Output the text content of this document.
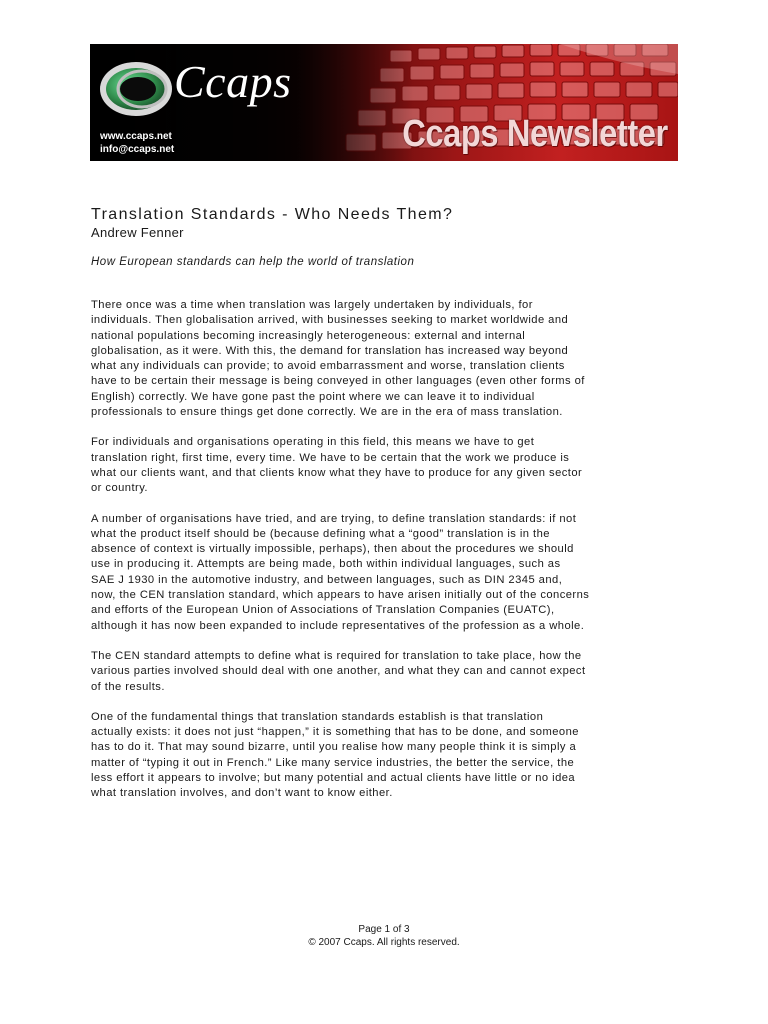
Ccaps
www.ccaps.net
info@ccaps.net	Ccaps Newsletter
Translation Standards - Who Needs Them?
Andrew Fenner
How European standards can help the world of translation

There once was a time when translation was largely undertaken by individuals, for
individuals. Then globalisation arrived, with businesses seeking to market worldwide and
national populations becoming increasingly heterogeneous: external and internal
globalisation, as it were. With this, the demand for translation has increased way beyond
what any individuals can provide; to avoid embarrassment and worse, translation clients
have to be certain their message is being conveyed in other languages (even other forms of
English) correctly. We have gone past the point where we can leave it to individual
professionals to ensure things get done correctly. We are in the era of mass translation.

For individuals and organisations operating in this field, this means we have to get
translation right, first time, every time. We have to be certain that the work we produce is
what our clients want, and that clients know what they have to produce for any given sector
or country.

A number of organisations have tried, and are trying, to define translation standards: if not
what the product itself should be (because defining what a “good” translation is in the
absence of context is virtually impossible, perhaps), then about the procedures we should
use in producing it. Attempts are being made, both within individual languages, such as
SAE J 1930 in the automotive industry, and between languages, such as DIN 2345 and,
now, the CEN translation standard, which appears to have arisen initially out of the concerns
and efforts of the European Union of Associations of Translation Companies (EUATC),
although it has now been expanded to include representatives of the profession as a whole.

The CEN standard attempts to define what is required for translation to take place, how the
various parties involved should deal with one another, and what they can and cannot expect
of the results.

One of the fundamental things that translation standards establish is that translation
actually exists: it does not just “happen,” it is something that has to be done, and someone
has to do it. That may sound bizarre, until you realise how many people think it is simply a
matter of “typing it out in French.” Like many service industries, the better the service, the
less effort it appears to involve; but many potential and actual clients have little or no idea
what translation involves, and don’t want to know either.

Page 1 of 3
© 2007 Ccaps. All rights reserved.
